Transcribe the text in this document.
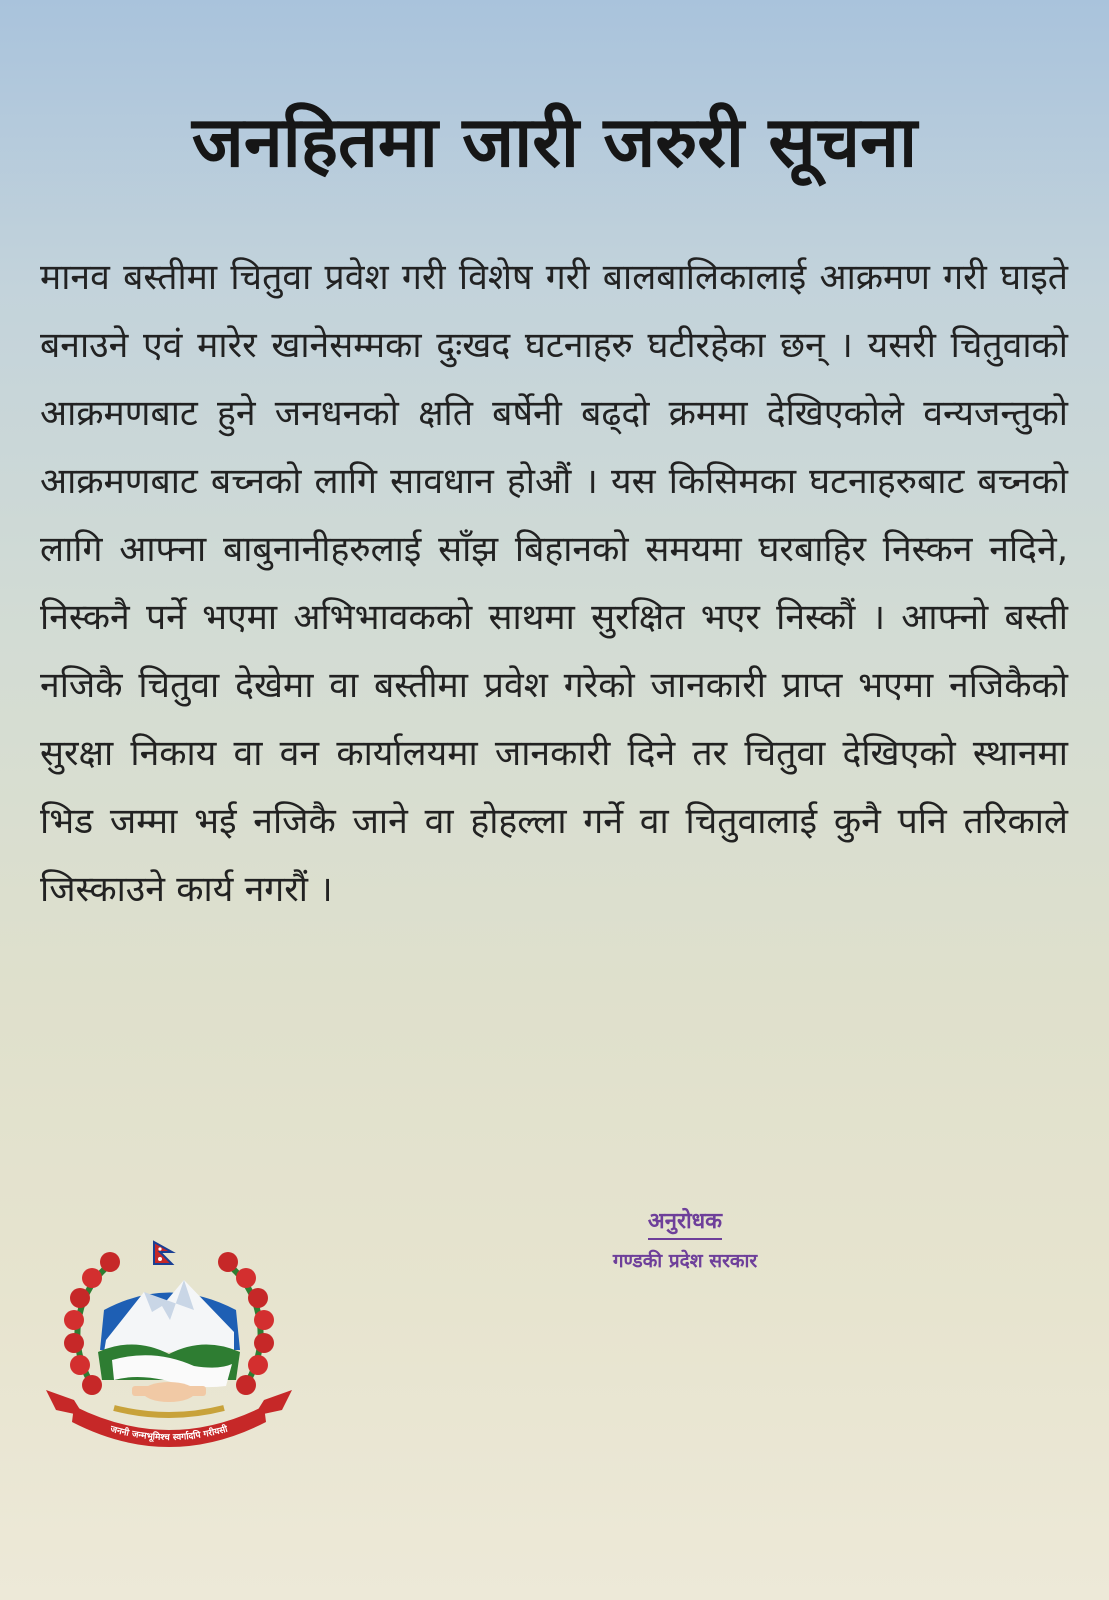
जनहितमा जारी जरुरी सूचना

मानव बस्तीमा चितुवा प्रवेश गरी विशेष गरी बालबालिकालाई आक्रमण गरी घाइते बनाउने एवं मारेर खानेसम्मका दुःखद घटनाहरु घटीरहेका छन् । यसरी चितुवाको आक्रमणबाट हुने जनधनको क्षति बर्षेनी बढ्दो क्रममा देखिएकोले वन्यजन्तुको आक्रमणबाट बच्नको लागि सावधान होऔं । यस किसिमका घटनाहरुबाट बच्नको लागि आफ्ना बाबुनानीहरुलाई साँझ बिहानको समयमा घरबाहिर निस्कन नदिने, निस्कनै पर्ने भएमा अभिभावकको साथमा सुरक्षित भएर निस्कौं । आफ्नो बस्ती नजिकै चितुवा देखेमा वा बस्तीमा प्रवेश गरेको जानकारी प्राप्त भएमा नजिकैको सुरक्षा निकाय वा वन कार्यालयमा जानकारी दिने तर चितुवा देखिएको स्थानमा भिड जम्मा भई नजिकै जाने वा होहल्ला गर्ने वा चितुवालाई कुनै पनि तरिकाले जिस्काउने कार्य नगरौं ।

अनुरोधक
गण्डकी प्रदेश सरकार
जननी जन्मभूमिश्च स्वर्गादपि गरीयसी
